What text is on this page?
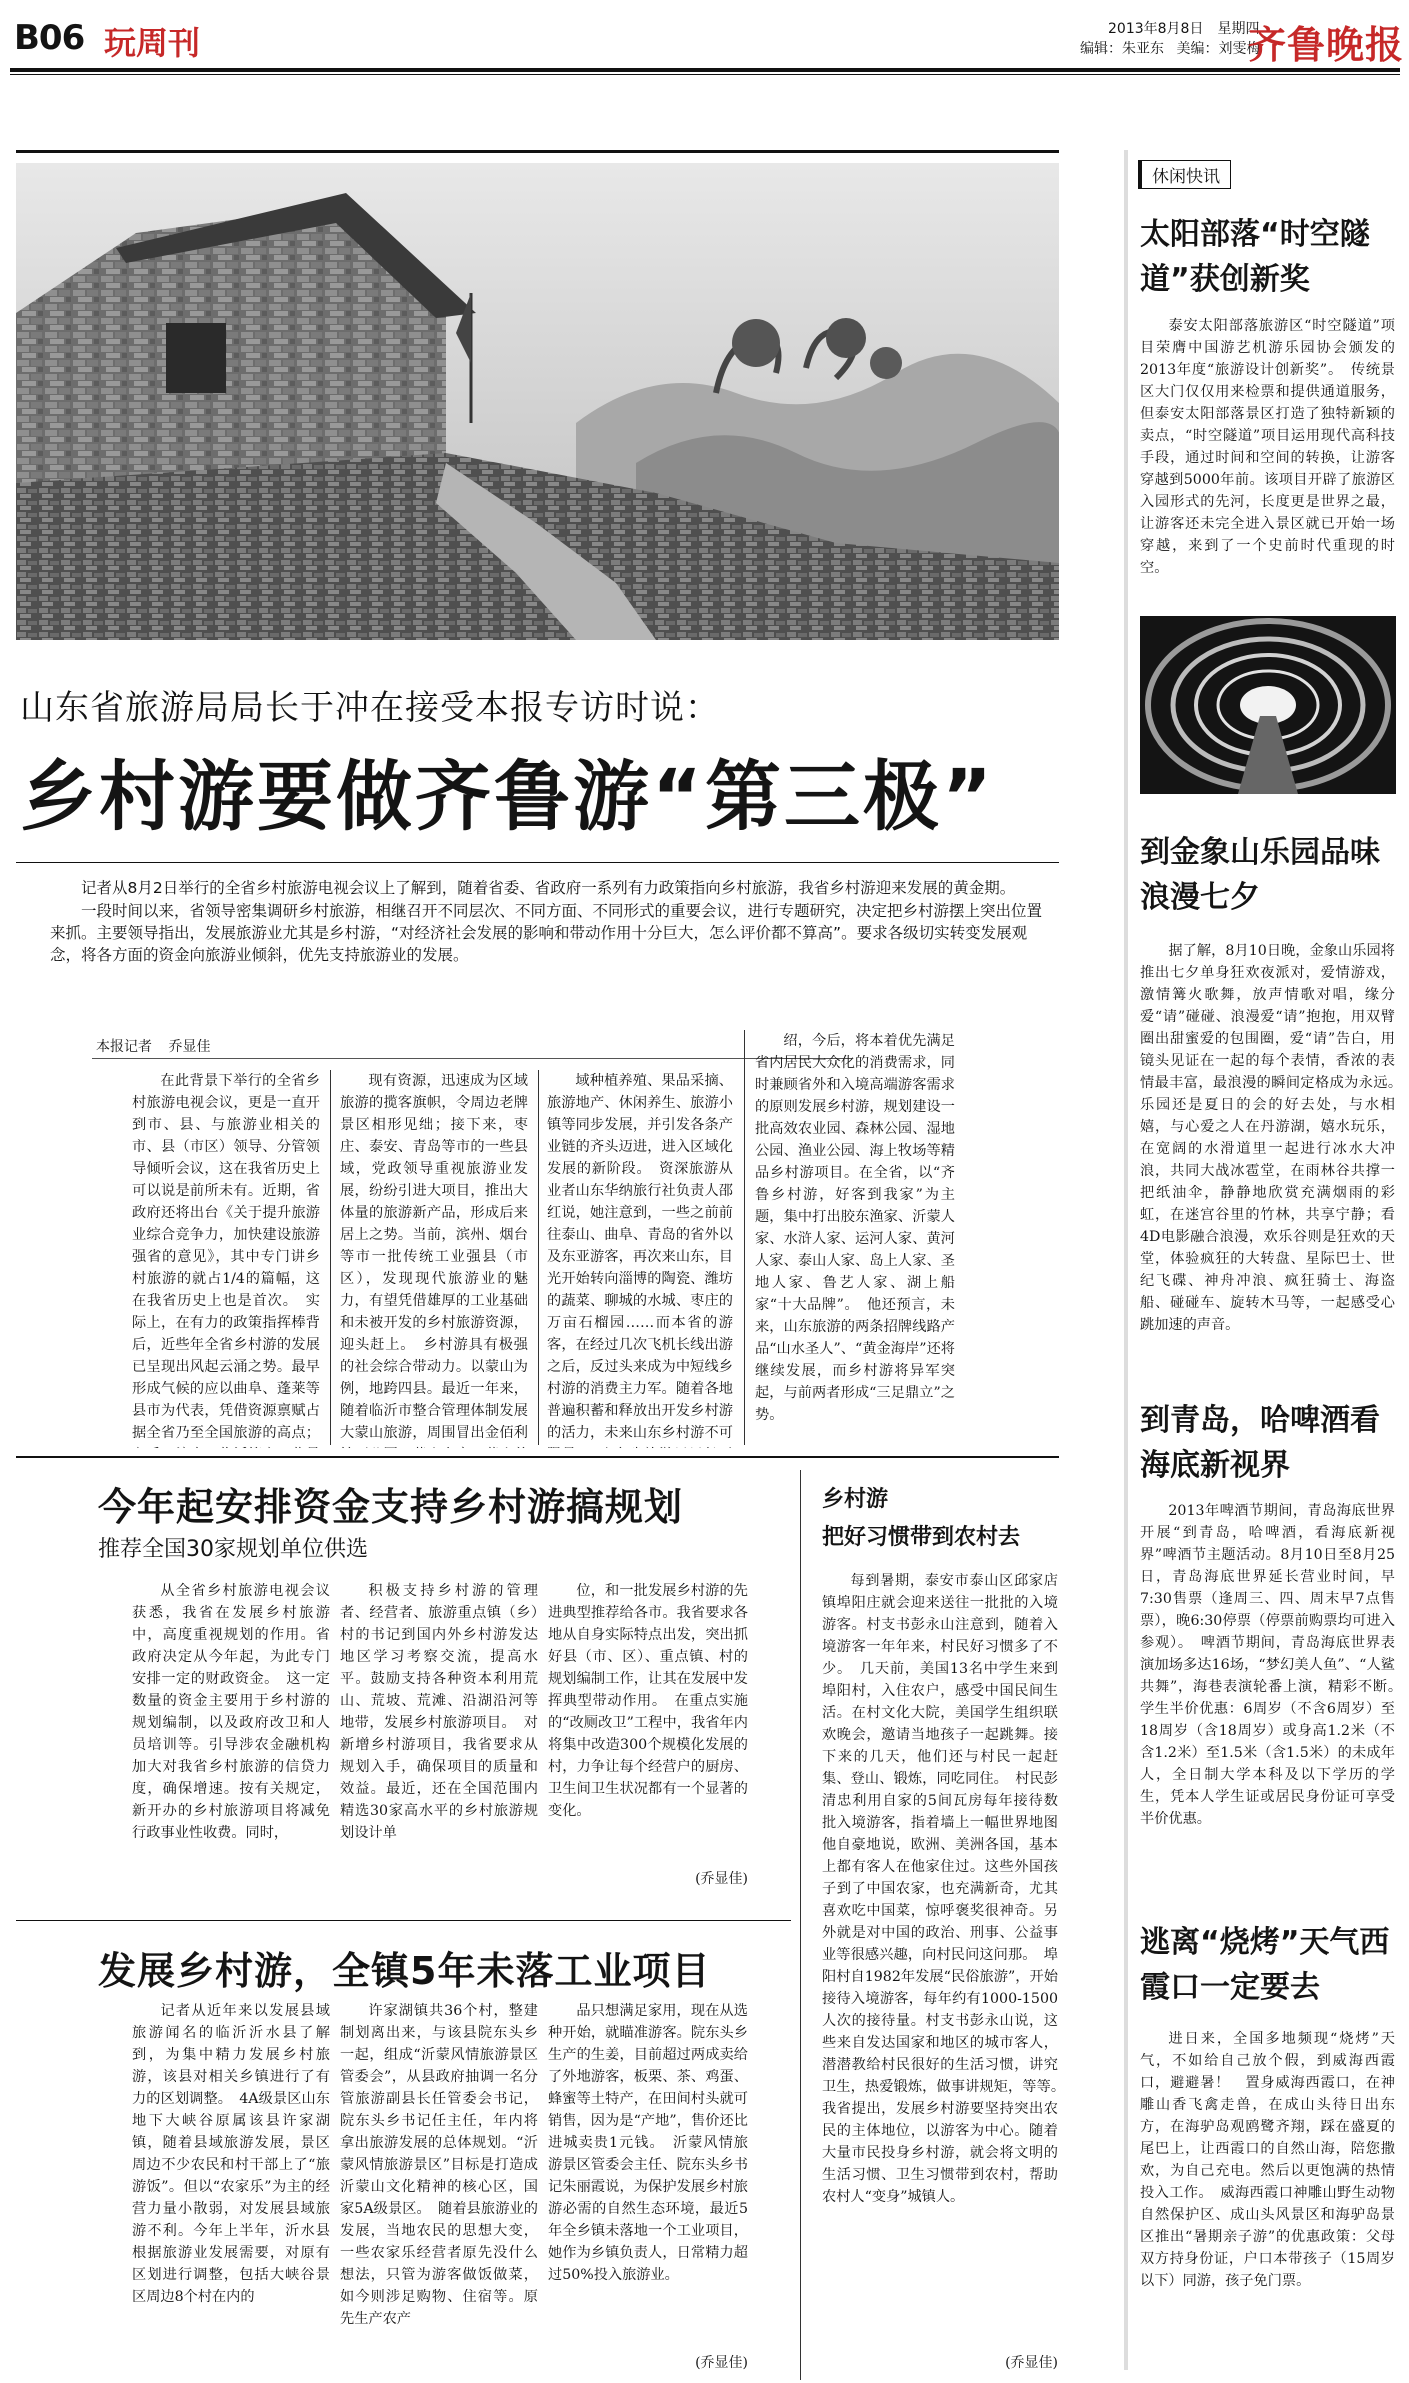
B06 玩周刊	2013年8月8日　星期四
编辑：朱亚东 美编：刘雯梅
齐鲁晚报
山东省旅游局局长于冲在接受本报专访时说：
乡村游要做齐鲁游“第三极”

记者从8月2日举行的全省乡村旅游电视会议上了解到，随着省委、省政府一系列有力政策指向乡村旅游，我省乡村游迎来发展的黄金期。

一段时间以来，省领导密集调研乡村旅游，相继召开不同层次、不同方面、不同形式的重要会议，进行专题研究，决定把乡村游摆上突出位置来抓。主要领导指出，发展旅游业尤其是乡村游，“对经济社会发展的影响和带动作用十分巨大，怎么评价都不算高”。要求各级切实转变发展观念，将各方面的资金向旅游业倾斜，优先支持旅游业的发展。

本报记者 乔显佳

在此背景下举行的全省乡村旅游电视会议，更是一直开到市、县、与旅游业相关的市、县（市区）领导、分管领导倾听会议，这在我省历史上可以说是前所未有。近期，省政府还将出台《关于提升旅游业综合竞争力，加快建设旅游强省的意见》，其中专门讲乡村旅游的就占1/4的篇幅，这在我省历史上也是首次。　实际上，在有力的政策指挥棒背后，近些年全省乡村游的发展已呈现出风起云涌之势。最早形成气候的应以曲阜、蓬莱等县市为代表，凭借资源禀赋占据全省乃至全国旅游的高点；

现有资源，迅速成为区域旅游的揽客旗帜，令周边老牌景区相形见绌；接下来，枣庄、泰安、青岛等市的一些县域，党政领导重视旅游业发展，纷纷引进大项目，推出大体量的旅游新产品，形成后来居上之势。当前，滨州、烟台等市一批传统工业强县（市区），发现现代旅游业的魅力，有望凭借雄厚的工业基础和未被开发的乡村旅游资源，迎头赶上。　乡村游具有极强的社会综合带动力。以蒙山为例，地跨四县。最近一年来，随着临沂市整合管理体制发展大蒙山旅游，周围冒出金佰利

域种植养殖、果品采摘、旅游地产、休闲养生、旅游小镇等同步发展，并引发各条产业链的齐头迈进，进入区域化发展的新阶段。　资深旅游从业者山东华纳旅行社负责人邵红说，她注意到，一些之前前往泰山、曲阜、青岛的省外以及东亚游客，再次来山东，目光开始转向淄博的陶瓷、潍坊的蔬菜、聊城的水城、枣庄的万亩石榴园……而本省的游客，在经过几次飞机长线出游之后，反过头来成为中短线乡村游的消费主力军。随着各地普遍积蓄和释放出开发乡村游的活力，未来山东乡村游不可　

绍，今后，将本着优先满足省内居民大众化的消费需求，同时兼顾省外和入境高端游客需求的原则发展乡村游，规划建设一批高效农业园、森林公园、湿地公园、渔业公园、海上牧场等精品乡村游项目。在全省，以“齐鲁乡村游，好客到我家”为主题，集中打出胶东渔家、沂蒙人家、水浒人家、运河人家、黄河人家、泰山人家、岛上人家、圣地人家、鲁艺人家、湖上船家“十大品牌”。　他还预言，未来，山东旅游的两条招牌线路产品“山水圣人”、“黄金海岸”还将继续发展，而乡村游将异军突起，与前两者形成“三足鼎立”之势。

今年起安排资金支持乡村游搞规划
推荐全国30家规划单位供选

从全省乡村旅游电视会议获悉，我省在发展乡村旅游中，高度重视规划的作用。省政府决定从今年起，为此专门安排一定的财政资金。　这一定数量的资金主要用于乡村游的规划编制，以及政府改卫和人员培训等。引导涉农金融机构加大对我省乡村旅游的信贷力度，确保增速。按有关规定，新开办的乡村旅游项目将减免行政事业性收费。同时，

积极支持乡村游的管理者、经营者、旅游重点镇（乡）村的书记到国内外乡村游发达地区学习考察交流，提高水平。鼓励支持各种资本利用荒山、荒坡、荒滩、沿湖沿河等地带，发展乡村旅游项目。　对新增乡村游项目，我省要求从规划入手，确保项目的质量和效益。最近，还在全国范围内精选30家高水平的乡村旅游规划设计单

位，和一批发展乡村游的先进典型推荐给各市。我省要求各地从自身实际特点出发，突出抓好县（市、区）、重点镇、村的规划编制工作，让其在发展中发挥典型带动作用。　在重点实施的“改厕改卫”工程中，我省年内将集中改造300个规模化发展的村，力争让每个经营户的厨房、卫生间卫生状况都有一个显著的变化。

(乔显佳)
乡村游
把好习惯带到农村去

每到暑期，泰安市泰山区邱家店镇埠阳庄就会迎来送往一批批的入境游客。村支书彭永山注意到，随着入境游客一年年来，村民好习惯多了不少。　几天前，美国13名中学生来到埠阳村，入住农户，感受中国民间生活。在村文化大院，美国学生组织联欢晚会，邀请当地孩子一起跳舞。接下来的几天，他们还与村民一起赶集、登山、锻炼，同吃同住。　村民彭清忠利用自家的5间瓦房每年接待数批入境游客，指着墙上一幅世界地图他自豪地说，欧洲、美洲各国，基本上都有客人在他家住过。这些外国孩子到了中国农家，也充满新奇，尤其喜欢吃中国菜，惊呼褒奖很神奇。另外就是对中国的政治、刑事、公益事业等很感兴趣，向村民问这问那。　埠阳村自1982年发展“民俗旅游”，开始接待入境游客，每年约有1000-1500人次的接待量。村支书彭永山说，这些来自发达国家和地区的城市客人，潜潜教给村民很好的生活习惯，讲究卫生，热爱锻炼，做事讲规矩，等等。　我省提出，发展乡村游要坚持突出农民的主体地位，以游客为中心。随着大量市民投身乡村游，就会将文明的生活习惯、卫生习惯带到农村，帮助农村人“变身”城镇人。

(乔显佳)
发展乡村游，全镇5年未落工业项目

记者从近年来以发展县域旅游闻名的临沂沂水县了解到，为集中精力发展乡村旅游，该县对相关乡镇进行了有力的区划调整。　4A级景区山东地下大峡谷原属该县许家湖镇，随着县域旅游发展，景区周边不少农民和村干部上了“旅游饭”。但以“农家乐”为主的经营力量小散弱，对发展县域旅游不利。今年上半年，沂水县根据旅游业发展需要，对原有区划进行调整，包括大峡谷景区周边8个村在内的

许家湖镇共36个村，整建制划离出来，与该县院东头乡一起，组成“沂蒙风情旅游景区管委会”，从县政府抽调一名分管旅游副县长任管委会书记，院东头乡书记任主任，年内将拿出旅游发展的总体规划。“沂蒙风情旅游景区”目标是打造成沂蒙山文化精神的核心区，国家5A级景区。　随着县旅游业的发展，当地农民的思想大变，一些农家乐经营者原先没什么想法，只管为游客做饭做菜，如今则涉足购物、住宿等。原先生产农产

品只想满足家用，现在从选种开始，就瞄准游客。院东头乡生产的生姜，目前超过两成卖给了外地游客，板栗、茶、鸡蛋、蜂蜜等土特产，在田间村头就可销售，因为是“产地”，售价还比进城卖贵1元钱。　沂蒙风情旅游景区管委会主任、院东头乡书记朱丽霞说，为保护发展乡村旅游必需的自然生态环境，最近5年全乡镇未落地一个工业项目，她作为乡镇负责人，日常精力超过50%投入旅游业。

(乔显佳)
休闲快讯
太阳部落“时空隧道”获创新奖

泰安太阳部落旅游区“时空隧道”项目荣膺中国游艺机游乐园协会颁发的2013年度“旅游设计创新奖”。　传统景区大门仅仅用来检票和提供通道服务，但泰安太阳部落景区打造了独特新颖的卖点，“时空隧道”项目运用现代高科技手段，通过时间和空间的转换，让游客穿越到5000年前。该项目开辟了旅游区入园形式的先河，长度更是世界之最，让游客还未完全进入景区就已开始一场穿越，来到了一个史前时代重现的时空。

到金象山乐园品味浪漫七夕

据了解，8月10日晚，金象山乐园将推出七夕单身狂欢夜派对，爱情游戏，激情篝火歌舞，放声情歌对唱，缘分爱“请”碰碰、浪漫爱“请”抱抱，用双臂圈出甜蜜爱的包围圈，爱“请”告白，用镜头见证在一起的每个表情，香浓的表情最丰富，最浪漫的瞬间定格成为永远。　乐园还是夏日的会的好去处，与水相嬉，与心爱之人在丹游湖，嬉水玩乐，在宽阔的水滑道里一起进行冰水大冲浪，共同大战冰雹堂，在雨林谷共撑一把纸油伞，静静地欣赏充满烟雨的彩虹，在迷宫谷里的竹林，共享宁静；看4D电影融合浪漫，欢乐谷则是狂欢的天堂，体验疯狂的大转盘、星际巴士、世纪飞碟、神舟冲浪、疯狂骑士、海盗船、碰碰车、旋转木马等，一起感受心跳加速的声音。

到青岛，哈啤酒看海底新视界

2013年啤酒节期间，青岛海底世界开展“到青岛，哈啤酒，看海底新视界”啤酒节主题活动。8月10日至8月25日，青岛海底世界延长营业时间，早7:30售票（逢周三、四、周末早7点售票），晚6:30停票（停票前购票均可进入参观）。　啤酒节期间，青岛海底世界表演加场多达16场，“梦幻美人鱼”、“人鲨共舞”，海巷表演轮番上演，精彩不断。　学生半价优惠：6周岁（不含6周岁）至18周岁（含18周岁）或身高1.2米（不含1.2米）至1.5米（含1.5米）的未成年人，全日制大学本科及以下学历的学生，凭本人学生证或居民身份证可享受半价优惠。

逃离“烧烤”天气西霞口一定要去

进日来，全国多地频现“烧烤”天气，不如给自己放个假，到威海西霞口，避避暑！　置身威海西霞口，在神雕山香飞禽走兽，在成山头待日出东方，在海驴岛观鸥鹭齐翔，踩在盛夏的尾巴上，让西霞口的自然山海，陪您撒欢，为自己充电。然后以更饱满的热情投入工作。　威海西霞口神雕山野生动物自然保护区、成山头风景区和海驴岛景区推出“暑期亲子游”的优惠政策：父母双方持身份证，户口本带孩子（15周岁以下）同游，孩子免门票。
